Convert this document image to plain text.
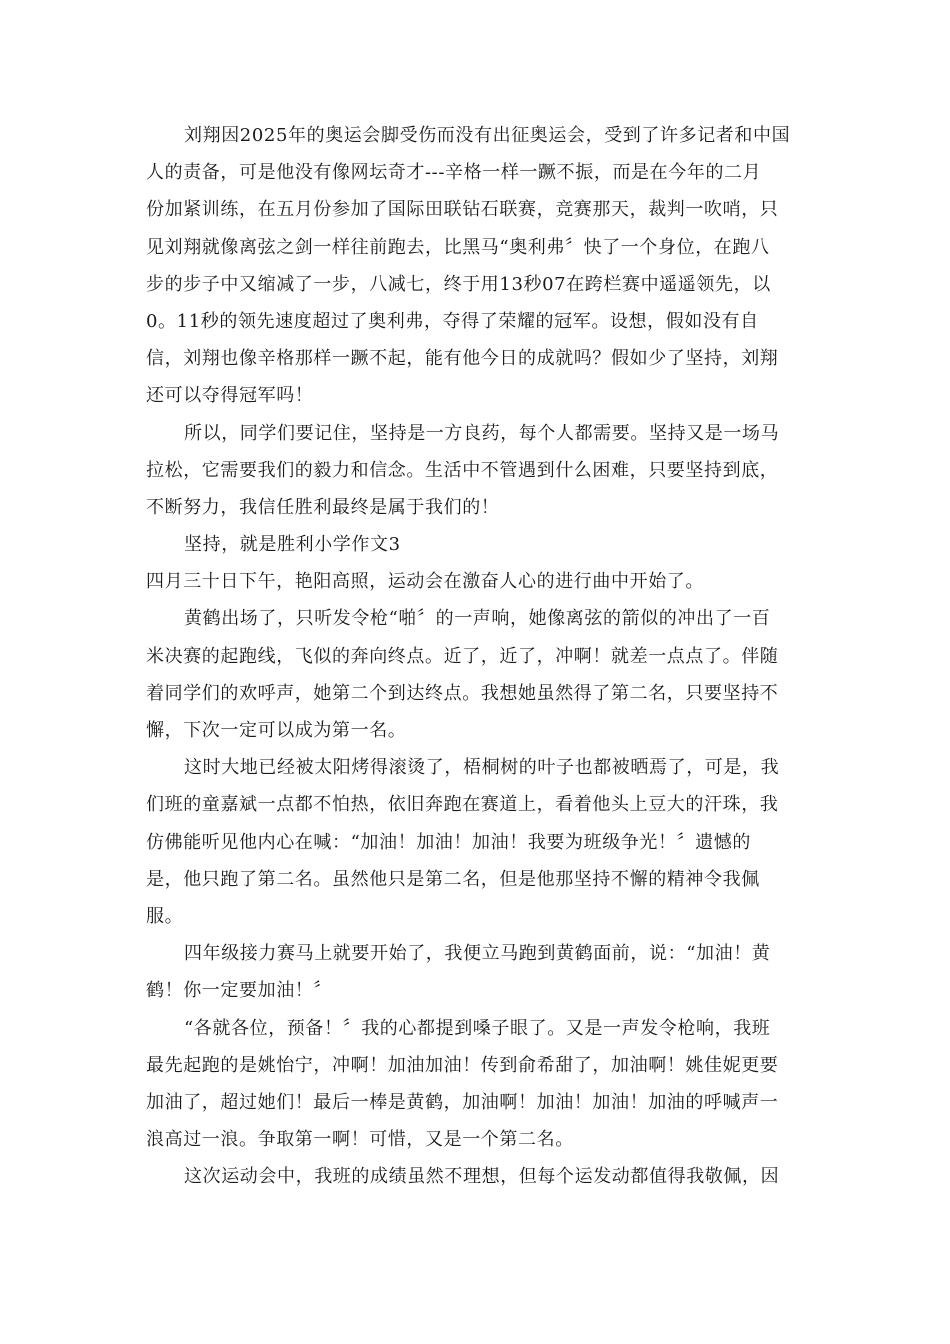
刘翔因2025年的奥运会脚受伤而没有出征奥运会，受到了许多记者和中国
人的责备，可是他没有像网坛奇才---辛格一样一蹶不振，而是在今年的二月
份加紧训练，在五月份参加了国际田联钻石联赛，竞赛那天，裁判一吹哨，只
见刘翔就像离弦之剑一样往前跑去，比黑马“奥利弗〞快了一个身位，在跑八
步的步子中又缩减了一步，八减七，终于用13秒07在跨栏赛中遥遥领先，以
0。11秒的领先速度超过了奥利弗，夺得了荣耀的冠军。设想，假如没有自
信，刘翔也像辛格那样一蹶不起，能有他今日的成就吗？假如少了坚持，刘翔
还可以夺得冠军吗！
所以，同学们要记住，坚持是一方良药，每个人都需要。坚持又是一场马
拉松，它需要我们的毅力和信念。生活中不管遇到什么困难，只要坚持到底，
不断努力，我信任胜利最终是属于我们的！
坚持，就是胜利小学作文3
四月三十日下午，艳阳高照，运动会在激奋人心的进行曲中开始了。
黄鹤出场了，只听发令枪“啪〞的一声响，她像离弦的箭似的冲出了一百
米决赛的起跑线，飞似的奔向终点。近了，近了，冲啊！就差一点点了。伴随
着同学们的欢呼声，她第二个到达终点。我想她虽然得了第二名，只要坚持不
懈，下次一定可以成为第一名。
这时大地已经被太阳烤得滚烫了，梧桐树的叶子也都被晒焉了，可是，我
们班的童嘉斌一点都不怕热，依旧奔跑在赛道上，看着他头上豆大的汗珠，我
仿佛能听见他内心在喊：“加油！加油！加油！我要为班级争光！〞遗憾的
是，他只跑了第二名。虽然他只是第二名，但是他那坚持不懈的精神令我佩
服。
四年级接力赛马上就要开始了，我便立马跑到黄鹤面前，说：“加油！黄
鹤！你一定要加油！〞
“各就各位，预备！〞我的心都提到嗓子眼了。又是一声发令枪响，我班
最先起跑的是姚怡宁，冲啊！加油加油！传到俞希甜了，加油啊！姚佳妮更要
加油了，超过她们！最后一棒是黄鹤，加油啊！加油！加油！加油的呼喊声一
浪高过一浪。争取第一啊！可惜，又是一个第二名。
这次运动会中，我班的成绩虽然不理想，但每个运发动都值得我敬佩，因
